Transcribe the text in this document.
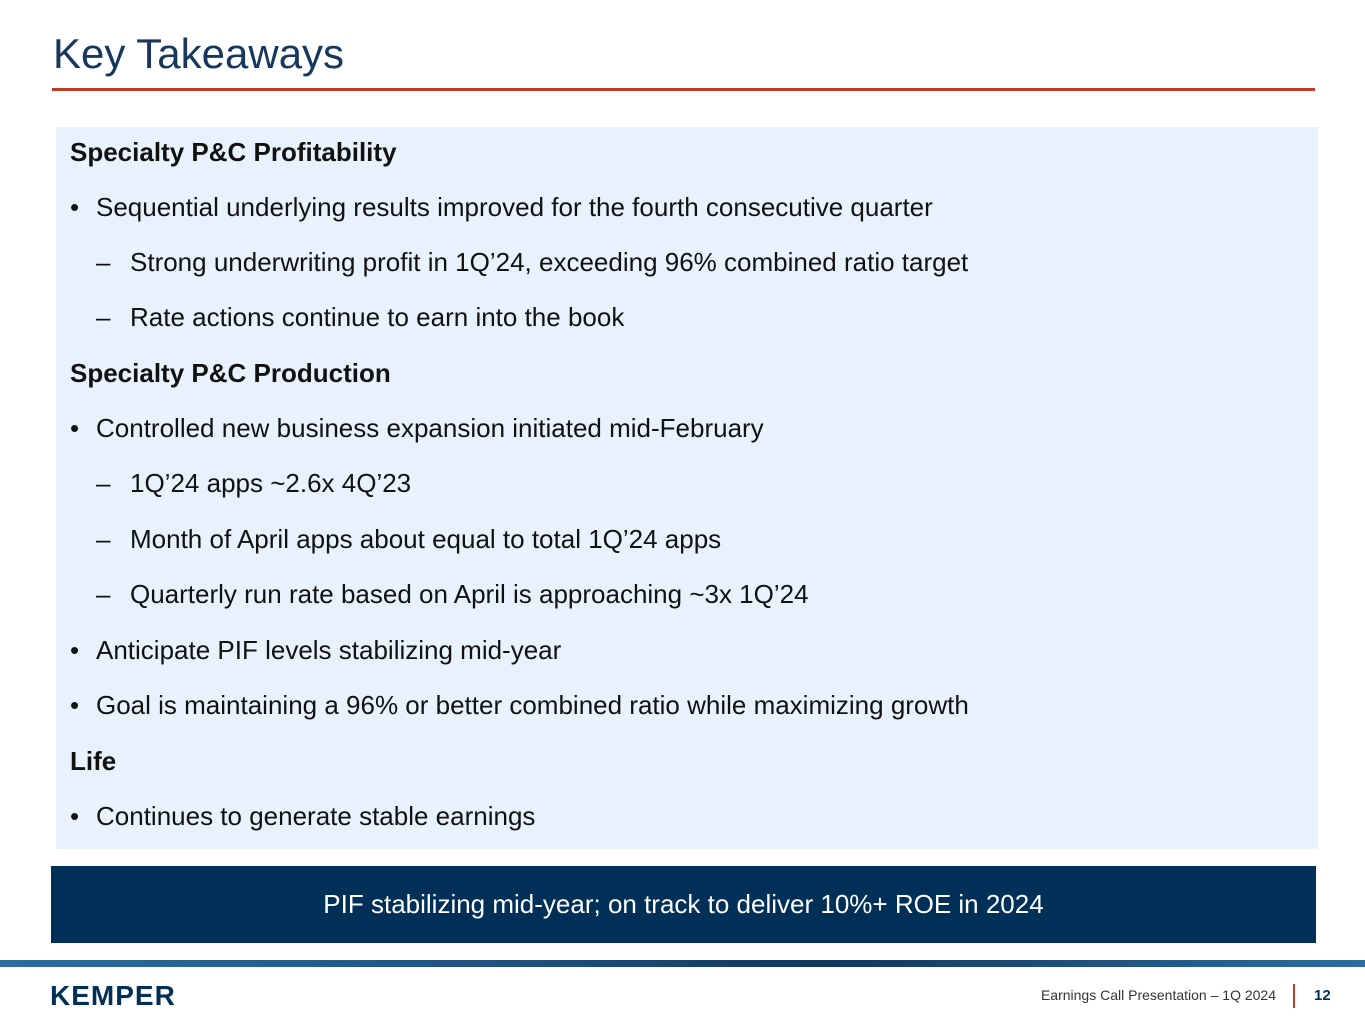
Key Takeaways
Specialty P&C Profitability
• Sequential underlying results improved for the fourth consecutive quarter
– Strong underwriting profit in 1Q’24, exceeding 96% combined ratio target
– Rate actions continue to earn into the book
Specialty P&C Production
• Controlled new business expansion initiated mid-February
– 1Q’24 apps ~2.6x 4Q’23
– Month of April apps about equal to total 1Q’24 apps
– Quarterly run rate based on April is approaching ~3x 1Q’24
• Anticipate PIF levels stabilizing mid-year
• Goal is maintaining a 96% or better combined ratio while maximizing growth
Life
• Continues to generate stable earnings
PIF stabilizing mid-year; on track to deliver 10%+ ROE in 2024
KEMPER	Earnings Call Presentation – 1Q 2024	12
